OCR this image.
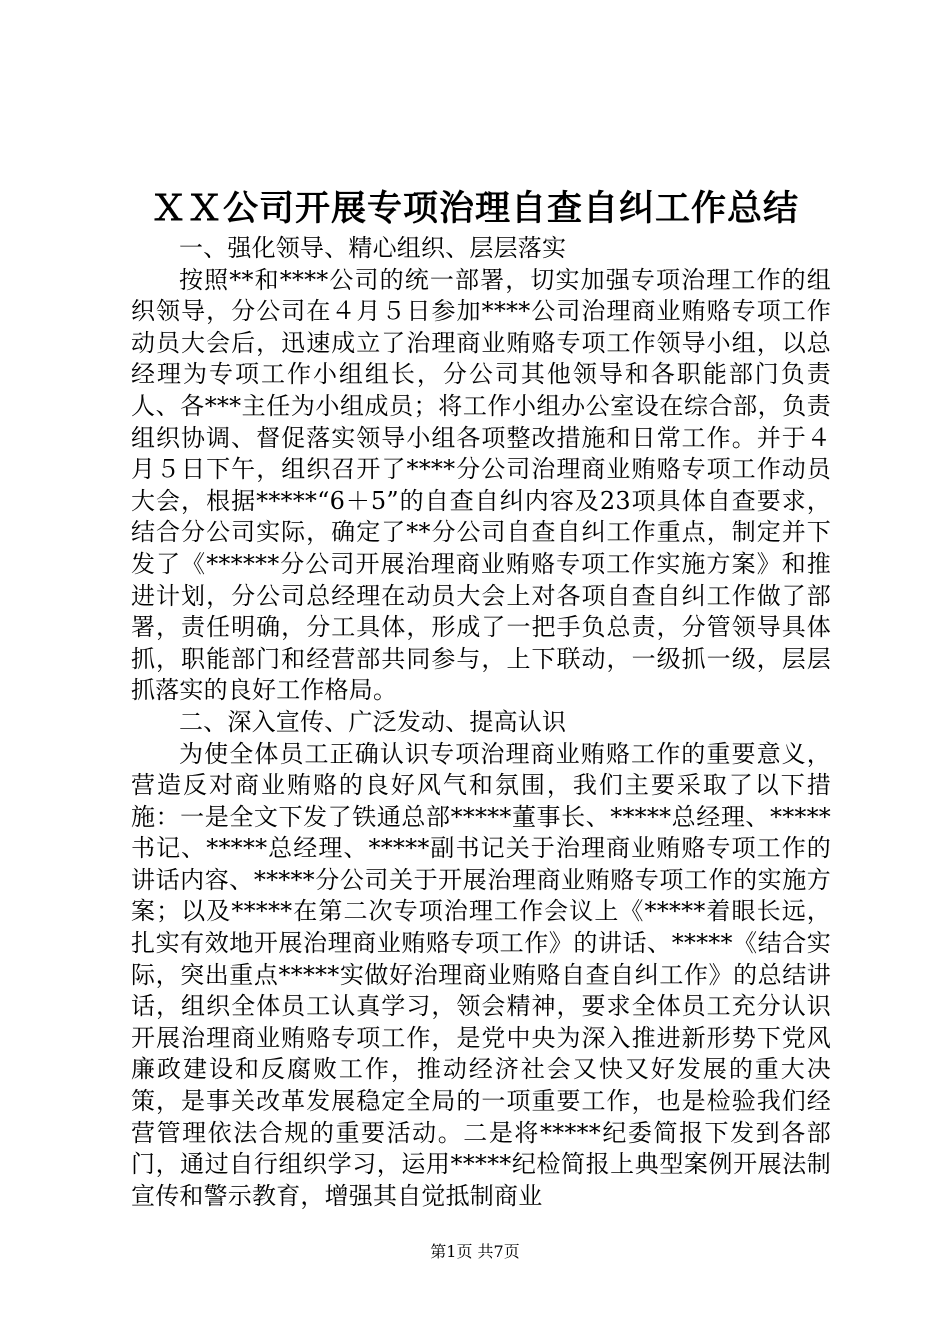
ＸＸ公司开展专项治理自查自纠工作总结

一、强化领导、精心组织、层层落实

按照**和****公司的统一部署，切实加强专项治理工作的组织领导，分公司在４月５日参加****公司治理商业贿赂专项工作动员大会后，迅速成立了治理商业贿赂专项工作领导小组，以总经理为专项工作小组组长，分公司其他领导和各职能部门负责人、各***主任为小组成员；将工作小组办公室设在综合部，负责组织协调、督促落实领导小组各项整改措施和日常工作。并于４月５日下午，组织召开了****分公司治理商业贿赂专项工作动员大会，根据*****“6＋5”的自查自纠内容及23项具体自查要求，结合分公司实际，确定了**分公司自查自纠工作重点，制定并下发了《******分公司开展治理商业贿赂专项工作实施方案》和推进计划，分公司总经理在动员大会上对各项自查自纠工作做了部署，责任明确，分工具体，形成了一把手负总责，分管领导具体抓，职能部门和经营部共同参与，上下联动，一级抓一级，层层抓落实的良好工作格局。

二、深入宣传、广泛发动、提高认识

为使全体员工正确认识专项治理商业贿赂工作的重要意义，营造反对商业贿赂的良好风气和氛围，我们主要采取了以下措施：一是全文下发了铁通总部*****董事长、*****总经理、*****书记、*****总经理、*****副书记关于治理商业贿赂专项工作的讲话内容、*****分公司关于开展治理商业贿赂专项工作的实施方案；以及*****在第二次专项治理工作会议上《*****着眼长远，扎实有效地开展治理商业贿赂专项工作》的讲话、*****《结合实际，突出重点*****实做好治理商业贿赂自查自纠工作》的总结讲话，组织全体员工认真学习，领会精神，要求全体员工充分认识开展治理商业贿赂专项工作，是党中央为深入推进新形势下党风廉政建设和反腐败工作，推动经济社会又快又好发展的重大决策，是事关改革发展稳定全局的一项重要工作，也是检验我们经营管理依法合规的重要活动。二是将*****纪委简报下发到各部门，通过自行组织学习，运用*****纪检简报上典型案例开展法制宣传和警示教育，增强其自觉抵制商业

第1页 共7页
